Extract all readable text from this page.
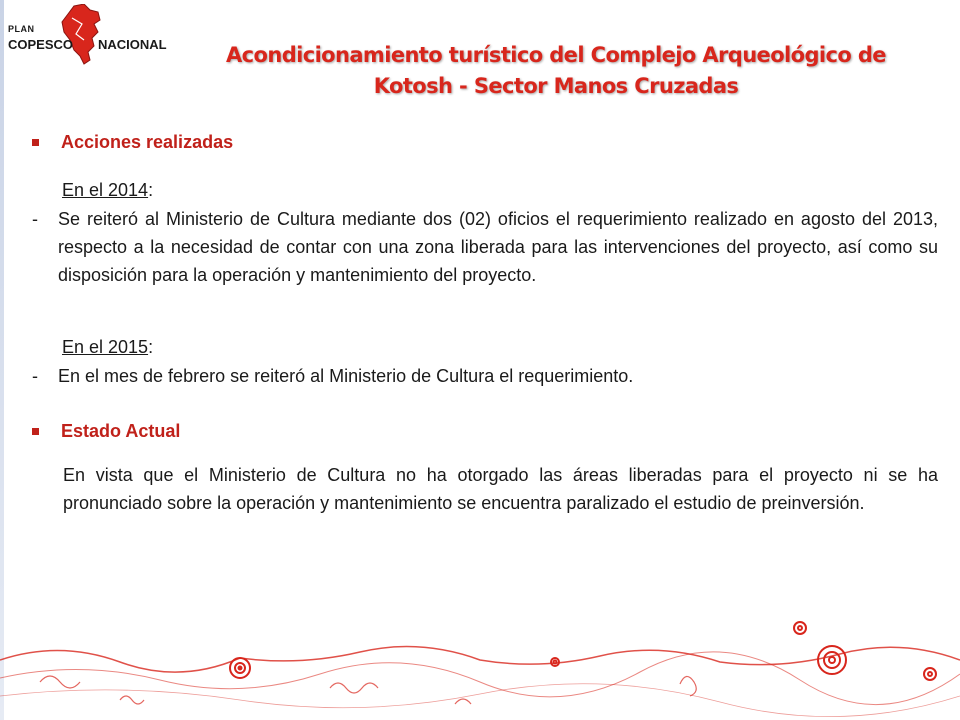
PLAN
COPESCO NACIONAL	Acondicionamiento turístico del Complejo Arqueológico de
Kotosh - Sector Manos Cruzadas
Acciones realizadas
En el 2014:
-	Se reiteró al Ministerio de Cultura mediante dos (02) oficios el requerimiento realizado en agosto del 2013, respecto a la necesidad de contar con una zona liberada para las intervenciones del proyecto, así como su disposición para la operación y mantenimiento del proyecto.
En el 2015:
-	En el mes de febrero se reiteró al Ministerio de Cultura el requerimiento.
Estado Actual
En vista que el Ministerio de Cultura no ha otorgado las áreas liberadas para el proyecto ni se ha pronunciado sobre la operación y mantenimiento se encuentra paralizado el estudio de preinversión.
